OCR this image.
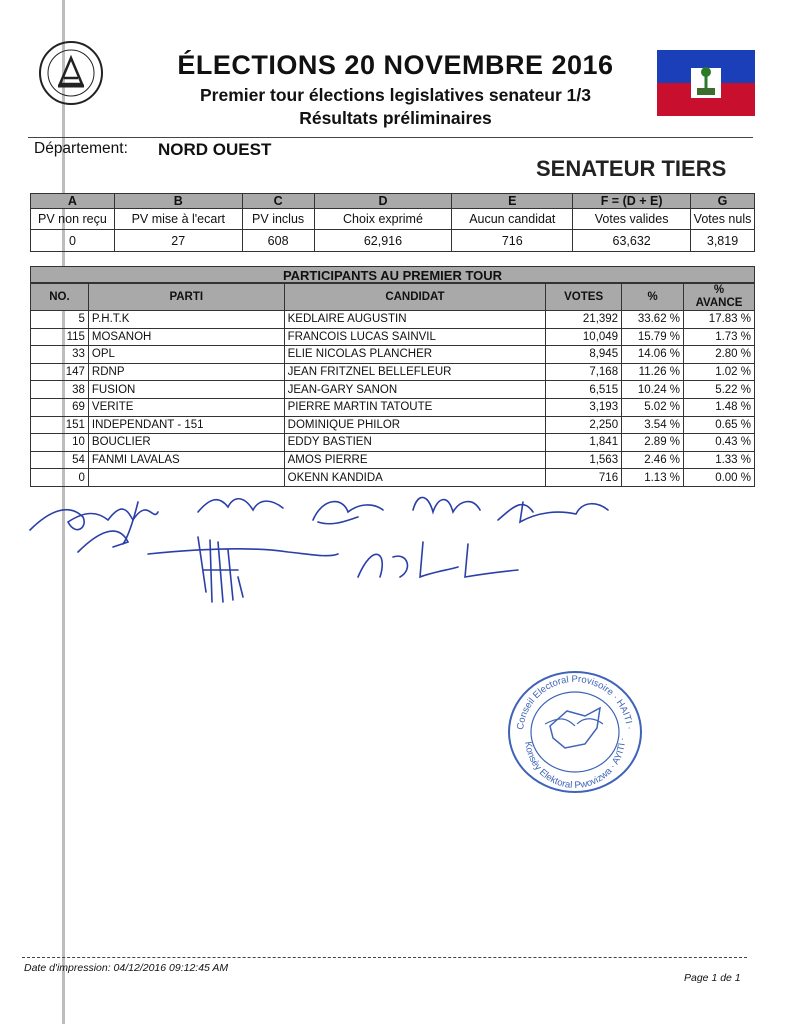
ÉLECTIONS 20 NOVEMBRE 2016
Premier tour élections legislatives senateur 1/3
Résultats préliminaires
Département: NORD OUEST
SENATEUR TIERS
A	B	C	D	E	F = (D + E)	G
PV non reçu	PV mise à l'ecart	PV inclus	Choix exprimé	Aucun candidat	Votes valides	Votes nuls
0	27	608	62,916	716	63,632	3,819
PARTICIPANTS AU PREMIER TOUR
NO.	PARTI	CANDIDAT	VOTES	%	%
AVANCE
5	P.H.T.K	KEDLAIRE AUGUSTIN	21,392	33.62 %	17.83 %
115	MOSANOH	FRANCOIS LUCAS SAINVIL	10,049	15.79 %	1.73 %
33	OPL	ELIE NICOLAS PLANCHER	8,945	14.06 %	2.80 %
147	RDNP	JEAN FRITZNEL BELLEFLEUR	7,168	11.26 %	1.02 %
38	FUSION	JEAN-GARY SANON	6,515	10.24 %	5.22 %
69	VERITE	PIERRE MARTIN TATOUTE	3,193	5.02 %	1.48 %
151	INDEPENDANT - 151	DOMINIQUE PHILOR	2,250	3.54 %	0.65 %
10	BOUCLIER	EDDY BASTIEN	1,841	2.89 %	0.43 %
54	FANMI LAVALAS	AMOS PIERRE	1,563	2.46 %	1.33 %
0		OKENN KANDIDA	716	1.13 %	0.00 %
Conseil Electoral Provisoire · HAITI ·
Konsèy Elektoral Pwovizwa · AYITI ·
Date d'impression: 04/12/2016 09:12:45 AM
Page 1 de 1
